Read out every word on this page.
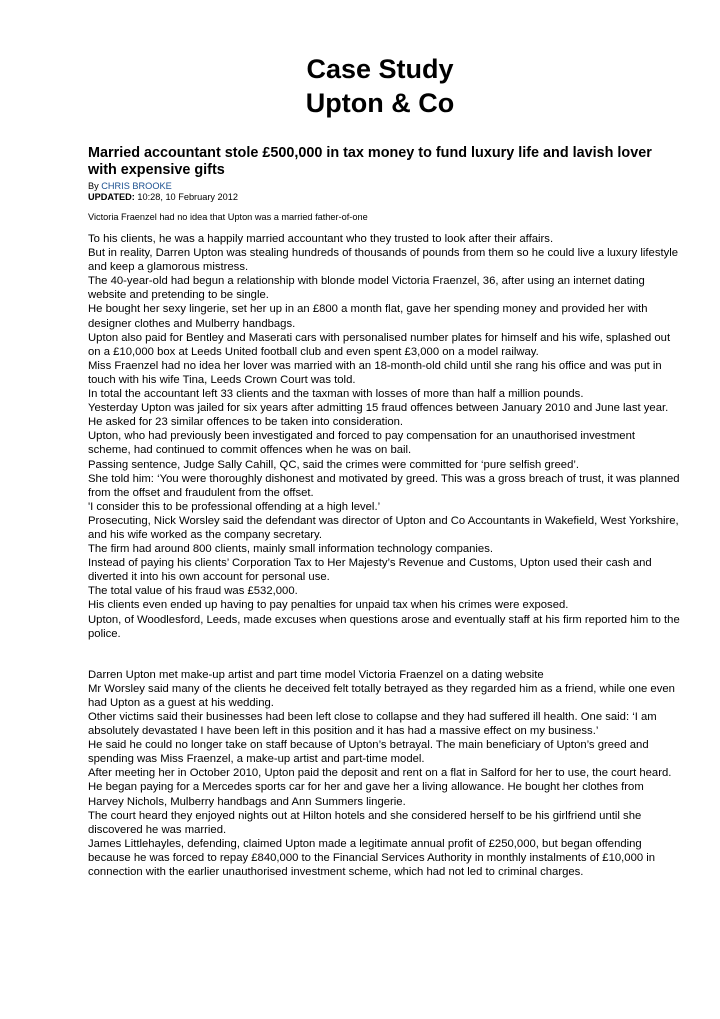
Case Study
Upton & Co
Married accountant stole £500,000 in tax money to fund luxury life and lavish lover with expensive gifts
By CHRIS BROOKE
UPDATED: 10:28, 10 February 2012
Victoria Fraenzel had no idea that Upton was a married father-of-one

To his clients, he was a happily married accountant who they trusted to look after their affairs.

But in reality, Darren Upton was stealing hundreds of thousands of pounds from them so he could live a luxury lifestyle and keep a glamorous mistress.

The 40-year-old had begun a relationship with blonde model Victoria Fraenzel, 36, after using an internet dating website and pretending to be single.

He bought her sexy lingerie, set her up in an £800 a month flat, gave her spending money and provided her with designer clothes and Mulberry handbags.

Upton also paid for Bentley and Maserati cars with personalised number plates for himself and his wife, splashed out on a £10,000 box at Leeds United football club and even spent £3,000 on a model railway.

Miss Fraenzel had no idea her lover was married with an 18-month-old child until she rang his office and was put in touch with his wife Tina, Leeds Crown Court was told.

In total the accountant left 33 clients and the taxman with losses of more than half a million pounds.

Yesterday Upton was jailed for six years after admitting 15 fraud offences between January 2010 and June last year. He asked for 23 similar offences to be taken into consideration.

Upton, who had previously been investigated and forced to pay compensation for an unauthorised investment scheme, had continued to commit offences when he was on bail.

Passing sentence, Judge Sally Cahill, QC, said the crimes were committed for ‘pure selfish greed’.

She told him: ‘You were thoroughly dishonest and motivated by greed. This was a gross breach of trust, it was planned from the offset and fraudulent from the offset.

'I consider this to be professional offending at a high level.’

Prosecuting, Nick Worsley said the defendant was director of Upton and Co Accountants in Wakefield, West Yorkshire, and his wife worked as the company secretary.

The firm had around 800 clients, mainly small information technology companies.

Instead of paying his clients’ Corporation Tax to Her Majesty’s Revenue and Customs, Upton used their cash and diverted it into his own account for personal use.

The total value of his fraud was £532,000.

His clients even ended up having to pay penalties for unpaid tax when his crimes were exposed.

Upton, of Woodlesford, Leeds, made excuses when questions arose and eventually staff at his firm reported him to the police.

Darren Upton met make-up artist and part time model Victoria Fraenzel on a dating website

Mr Worsley said many of the clients he deceived felt totally betrayed as they regarded him as a friend, while one even had Upton as a guest at his wedding.

Other victims said their businesses had been left close to collapse and they had suffered ill health. One said: ‘I am absolutely devastated I have been left in this position and it has had a massive effect on my business.’

He said he could no longer take on staff because of Upton’s betrayal. The main beneficiary of Upton’s greed and spending was Miss Fraenzel, a make-up artist and part-time model.

After meeting her in October 2010, Upton paid the deposit and rent on a flat in Salford for her to use, the court heard.

He began paying for a Mercedes sports car for her and gave her a living allowance. He bought her clothes from Harvey Nichols, Mulberry handbags and Ann Summers lingerie.

The court heard they enjoyed nights out at Hilton hotels and she considered herself to be his girlfriend until she discovered he was married.

James Littlehayles, defending, claimed Upton made a legitimate annual profit of £250,000, but began offending because he was forced to repay £840,000 to the Financial Services Authority in monthly instalments of £10,000 in connection with the earlier unauthorised investment scheme, which had not led to criminal charges.
